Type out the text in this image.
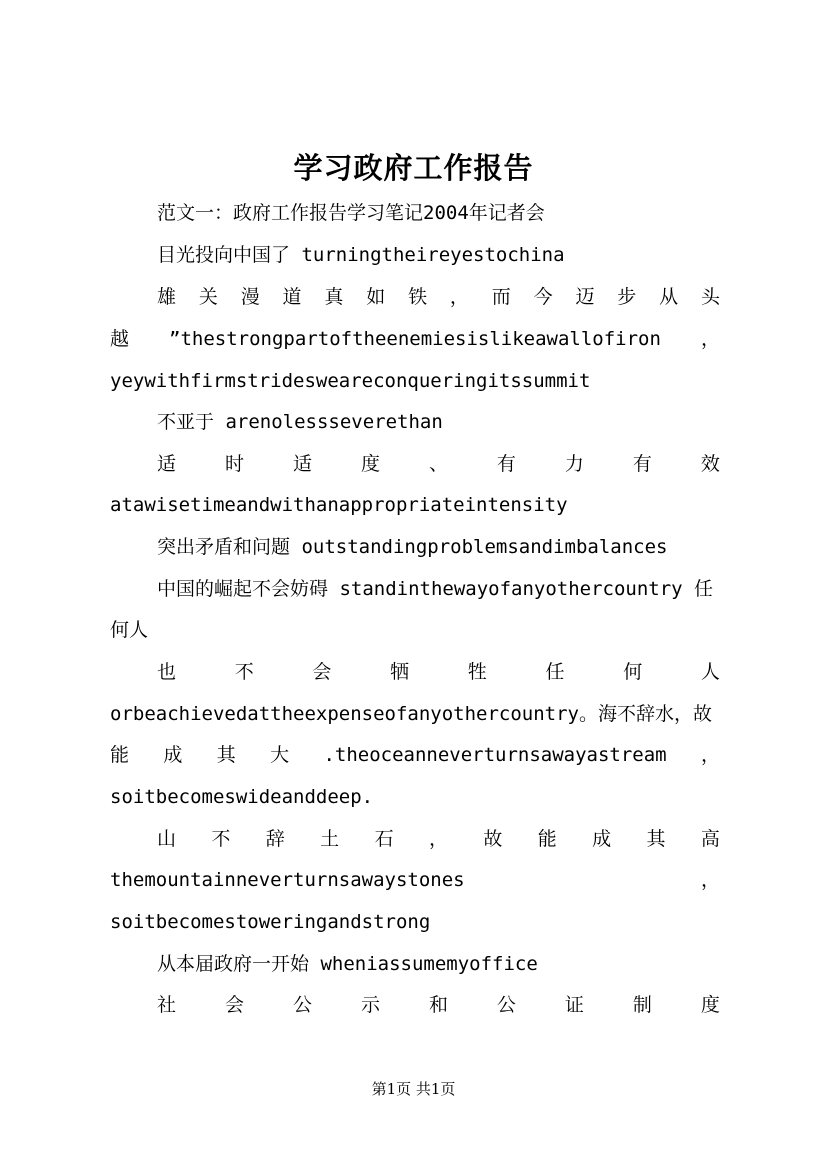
学习政府工作报告
范文一：政府工作报告学习笔记2004年记者会
目光投向中国了 turningtheireyestochina
雄 关 漫 道 真 如 铁 ， 而 今 迈 步 从 头
越 ”thestrongpartoftheenemiesislikeawallofiron ，
yeywithfirmstridesweareconqueringitssummit
不亚于 arenolessseverethan
适	时	适	度	、	有	力	有	效
atawisetimeandwithanappropriateintensity
突出矛盾和问题 outstandingproblemsandimbalances
中国的崛起不会妨碍 standinthewayofanyothercountry 任
何人
也	不	会	牺	牲	任	何	人
orbeachievedattheexpenseofanyothercountry。海不辞水，故
能 成 其 大 .theoceanneverturnsawayastream ，
soitbecomeswideanddeep.
山 不 辞 土 石 ， 故 能 成 其 高
themountainneverturnsawaystones	，
soitbecomestoweringandstrong
从本届政府一开始 wheniassumemyoffice
社	会	公	示	和	公	证	制	度
第1页 共1页
